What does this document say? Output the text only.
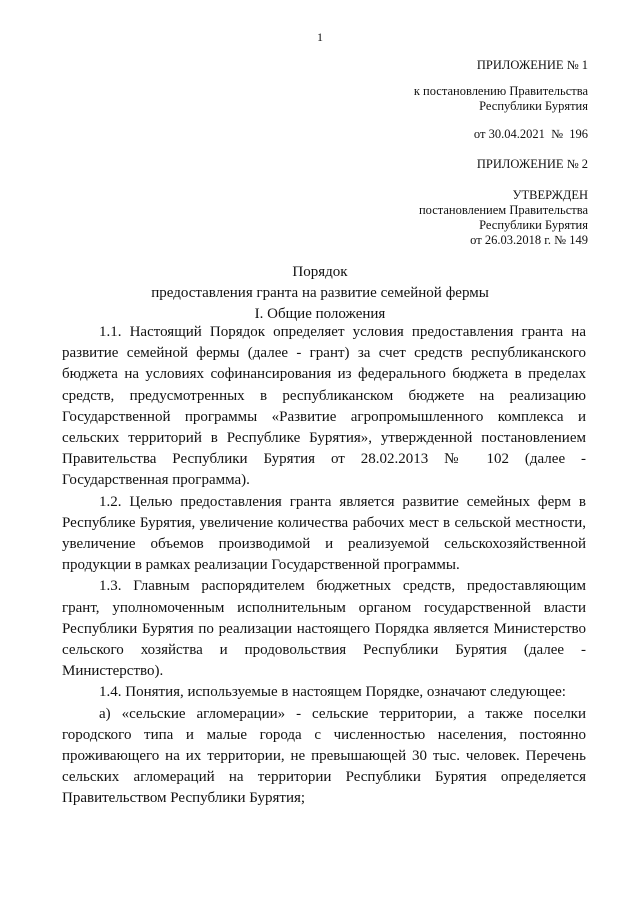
1
ПРИЛОЖЕНИЕ № 1
к постановлению Правительства
Республики Бурятия
от 30.04.2021  №  196
ПРИЛОЖЕНИЕ № 2
УТВЕРЖДЕН
постановлением Правительства
Республики Бурятия
от 26.03.2018 г. № 149
Порядок
предоставления гранта на развитие семейной фермы
I. Общие положения

1.1. Настоящий Порядок определяет условия предоставления гранта на развитие семейной фермы (далее - грант) за счет средств республиканского бюджета на условиях софинансирования из федерального бюджета в пределах средств, предусмотренных в республиканском бюджете на реализацию Государственной программы «Развитие агропромышленного комплекса и сельских территорий в Республике Бурятия», утвержденной постановлением Правительства Республики Бурятия от 28.02.2013 № 102 (далее - Государственная программа).

1.2. Целью предоставления гранта является развитие семейных ферм в Республике Бурятия, увеличение количества рабочих мест в сельской местности, увеличение объемов производимой и реализуемой сельскохозяйственной продукции в рамках реализации Государственной программы.

1.3. Главным распорядителем бюджетных средств, предоставляющим грант, уполномоченным исполнительным органом государственной власти Республики Бурятия по реализации настоящего Порядка является Министерство сельского хозяйства и продовольствия Республики Бурятия (далее - Министерство).

1.4. Понятия, используемые в настоящем Порядке, означают следующее:

а) «сельские агломерации» - сельские территории, а также поселки городского типа и малые города с численностью населения, постоянно проживающего на их территории, не превышающей 30 тыс. человек. Перечень сельских агломераций на территории Республики Бурятия определяется Правительством Республики Бурятия;
